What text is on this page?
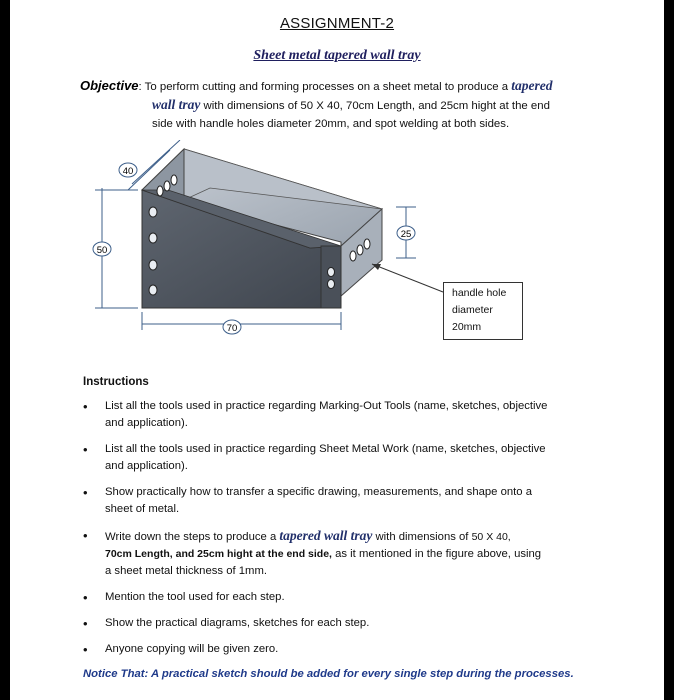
ASSIGNMENT-2
Sheet metal tapered wall tray
Objective: To perform cutting and forming processes on a sheet metal to produce a tapered
wall tray with dimensions of 50 X 40, 70cm Length, and 25cm hight at the end
side with handle holes diameter 20mm, and spot welding at both sides.
40
50
70
25
handle hole
diameter
20mm
Instructions
• List all the tools used in practice regarding Marking-Out Tools (name, sketches, objective
and application).
• List all the tools used in practice regarding Sheet Metal Work (name, sketches, objective
and application).
• Show practically how to transfer a specific drawing, measurements, and shape onto a
sheet of metal.
• Write down the steps to produce a tapered wall tray with dimensions of 50 X 40,
70cm Length, and 25cm hight at the end side, as it mentioned in the figure above, using
a sheet metal thickness of 1mm.
• Mention the tool used for each step.
• Show the practical diagrams, sketches for each step.
• Anyone copying will be given zero.
Notice That: A practical sketch should be added for every single step during the processes.
